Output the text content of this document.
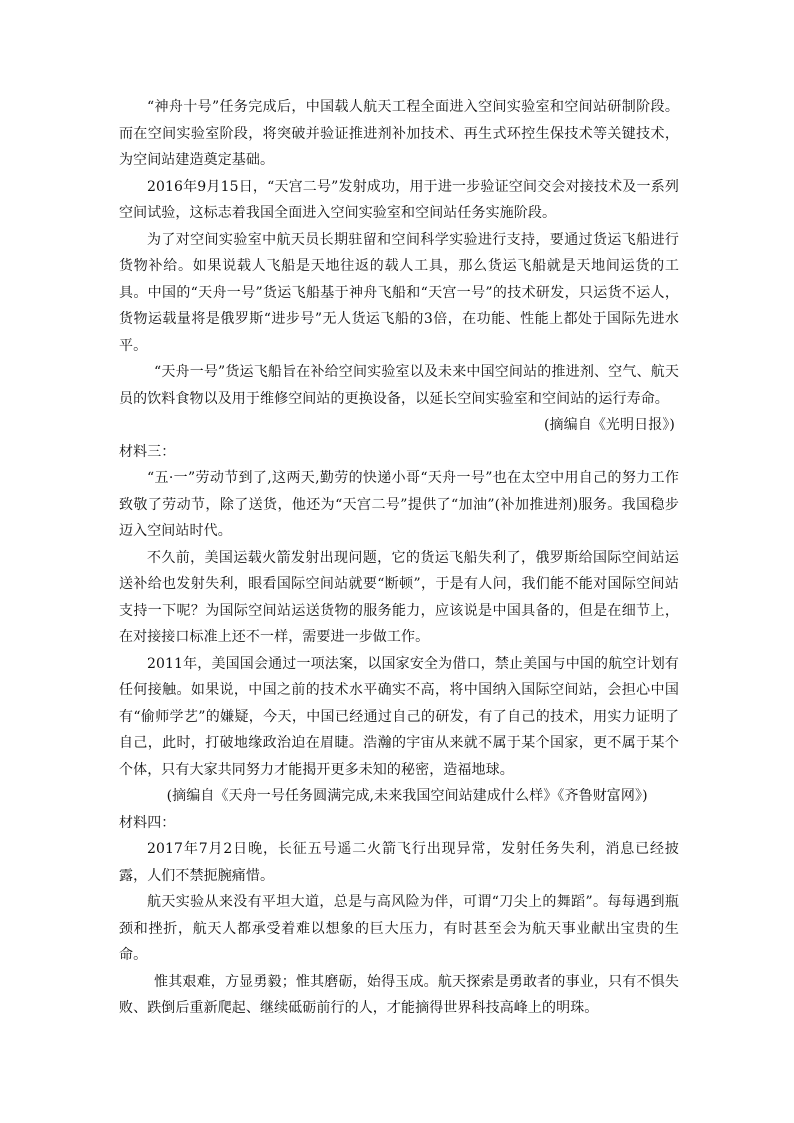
“神舟十号”任务完成后，中国载人航天工程全面进入空间实验室和空间站研制阶段。而在空间实验室阶段，将突破并验证推进剂补加技术、再生式环控生保技术等关键技术，为空间站建造奠定基础。

2016年9月15日，“天宫二号”发射成功，用于进一步验证空间交会对接技术及一系列空间试验，这标志着我国全面进入空间实验室和空间站任务实施阶段。

为了对空间实验室中航天员长期驻留和空间科学实验进行支持，要通过货运飞船进行货物补给。如果说载人飞船是天地往返的载人工具，那么货运飞船就是天地间运货的工具。中国的“天舟一号”货运飞船基于神舟飞船和“天宫一号”的技术研发，只运货不运人，货物运载量将是俄罗斯“进步号”无人货运飞船的3倍，在功能、性能上都处于国际先进水平。

“天舟一号”货运飞船旨在补给空间实验室以及未来中国空间站的推进剂、空气、航天员的饮料食物以及用于维修空间站的更换设备，以延长空间实验室和空间站的运行寿命。

(摘编自《光明日报》)

材料三：

“五·一”劳动节到了,这两天,勤劳的快递小哥“天舟一号”也在太空中用自己的努力工作致敬了劳动节，除了送货，他还为“天宫二号”提供了“加油”(补加推进剂)服务。我国稳步迈入空间站时代。

不久前，美国运载火箭发射出现问题，它的货运飞船失利了，俄罗斯给国际空间站运送补给也发射失利，眼看国际空间站就要“断顿”，于是有人问，我们能不能对国际空间站支持一下呢？为国际空间站运送货物的服务能力，应该说是中国具备的，但是在细节上，在对接接口标准上还不一样，需要进一步做工作。

2011年，美国国会通过一项法案，以国家安全为借口，禁止美国与中国的航空计划有任何接触。如果说，中国之前的技术水平确实不高，将中国纳入国际空间站，会担心中国有“偷师学艺”的嫌疑，今天，中国已经通过自己的研发，有了自己的技术，用实力证明了自己，此时，打破地缘政治迫在眉睫。浩瀚的宇宙从来就不属于某个国家，更不属于某个个体，只有大家共同努力才能揭开更多未知的秘密，造福地球。

(摘编自《天舟一号任务圆满完成,未来我国空间站建成什么样》《齐鲁财富网》)

材料四：

2017年7月2日晚，长征五号遥二火箭飞行出现异常，发射任务失利，消息已经披露，人们不禁扼腕痛惜。

航天实验从来没有平坦大道，总是与高风险为伴，可谓“刀尖上的舞蹈”。每每遇到瓶颈和挫折，航天人都承受着难以想象的巨大压力，有时甚至会为航天事业献出宝贵的生命。

惟其艰难，方显勇毅；惟其磨砺，始得玉成。航天探索是勇敢者的事业，只有不惧失败、跌倒后重新爬起、继续砥砺前行的人，才能摘得世界科技高峰上的明珠。
